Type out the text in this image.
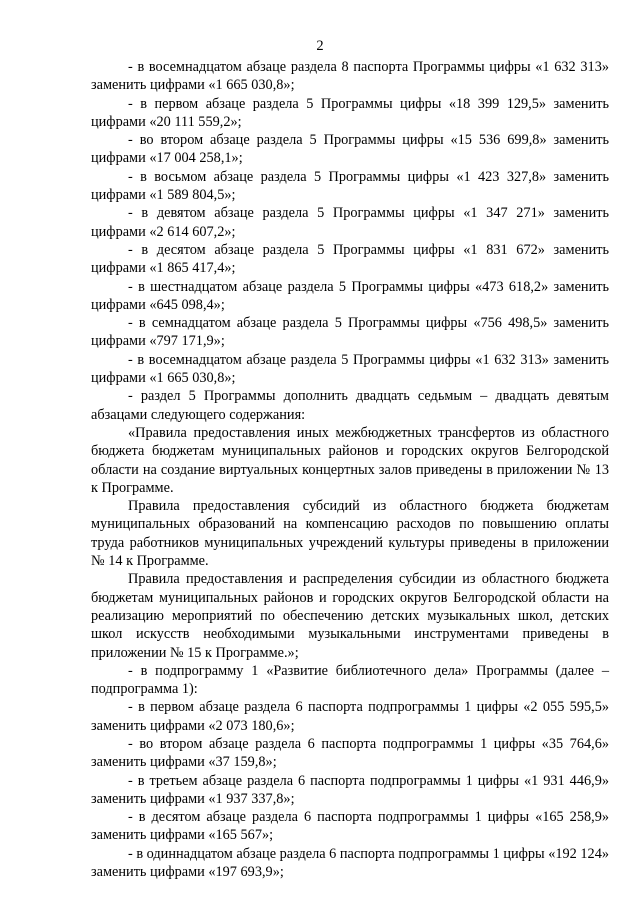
2

- в восемнадцатом абзаце раздела 8 паспорта Программы цифры «1 632 313» заменить цифрами «1 665 030,8»;

- в первом абзаце раздела 5 Программы цифры «18 399 129,5» заменить цифрами «20 111 559,2»;

- во втором абзаце раздела 5 Программы цифры «15 536 699,8» заменить цифрами «17 004 258,1»;

- в восьмом абзаце раздела 5 Программы цифры «1 423 327,8» заменить цифрами «1 589 804,5»;

- в девятом абзаце раздела 5 Программы цифры «1 347 271» заменить цифрами «2 614 607,2»;

- в десятом абзаце раздела 5 Программы цифры «1 831 672» заменить цифрами «1 865 417,4»;

- в шестнадцатом абзаце раздела 5 Программы цифры «473 618,2» заменить цифрами «645 098,4»;

- в семнадцатом абзаце раздела 5 Программы цифры «756 498,5» заменить цифрами «797 171,9»;

- в восемнадцатом абзаце раздела 5 Программы цифры «1 632 313» заменить цифрами «1 665 030,8»;

- раздел 5 Программы дополнить двадцать седьмым – двадцать девятым абзацами следующего содержания:

«Правила предоставления иных межбюджетных трансфертов из областного бюджета бюджетам муниципальных районов и городских округов Белгородской области на создание виртуальных концертных залов приведены в приложении № 13 к Программе.

Правила предоставления субсидий из областного бюджета бюджетам муниципальных образований на компенсацию расходов по повышению оплаты труда работников муниципальных учреждений культуры приведены в приложении № 14 к Программе.

Правила предоставления и распределения субсидии из областного бюджета бюджетам муниципальных районов и городских округов Белгородской области на реализацию мероприятий по обеспечению детских музыкальных школ, детских школ искусств необходимыми музыкальными инструментами приведены в приложении № 15 к Программе.»;

- в подпрограмму 1 «Развитие библиотечного дела» Программы (далее – подпрограмма 1):

- в первом абзаце раздела 6 паспорта подпрограммы 1 цифры «2 055 595,5» заменить цифрами «2 073 180,6»;

- во втором абзаце раздела 6 паспорта подпрограммы 1 цифры «35 764,6» заменить цифрами «37 159,8»;

- в третьем абзаце раздела 6 паспорта подпрограммы 1 цифры «1 931 446,9» заменить цифрами «1 937 337,8»;

- в десятом абзаце раздела 6 паспорта подпрограммы 1 цифры «165 258,9» заменить цифрами «165 567»;

- в одиннадцатом абзаце раздела 6 паспорта подпрограммы 1 цифры «192 124» заменить цифрами «197 693,9»;
